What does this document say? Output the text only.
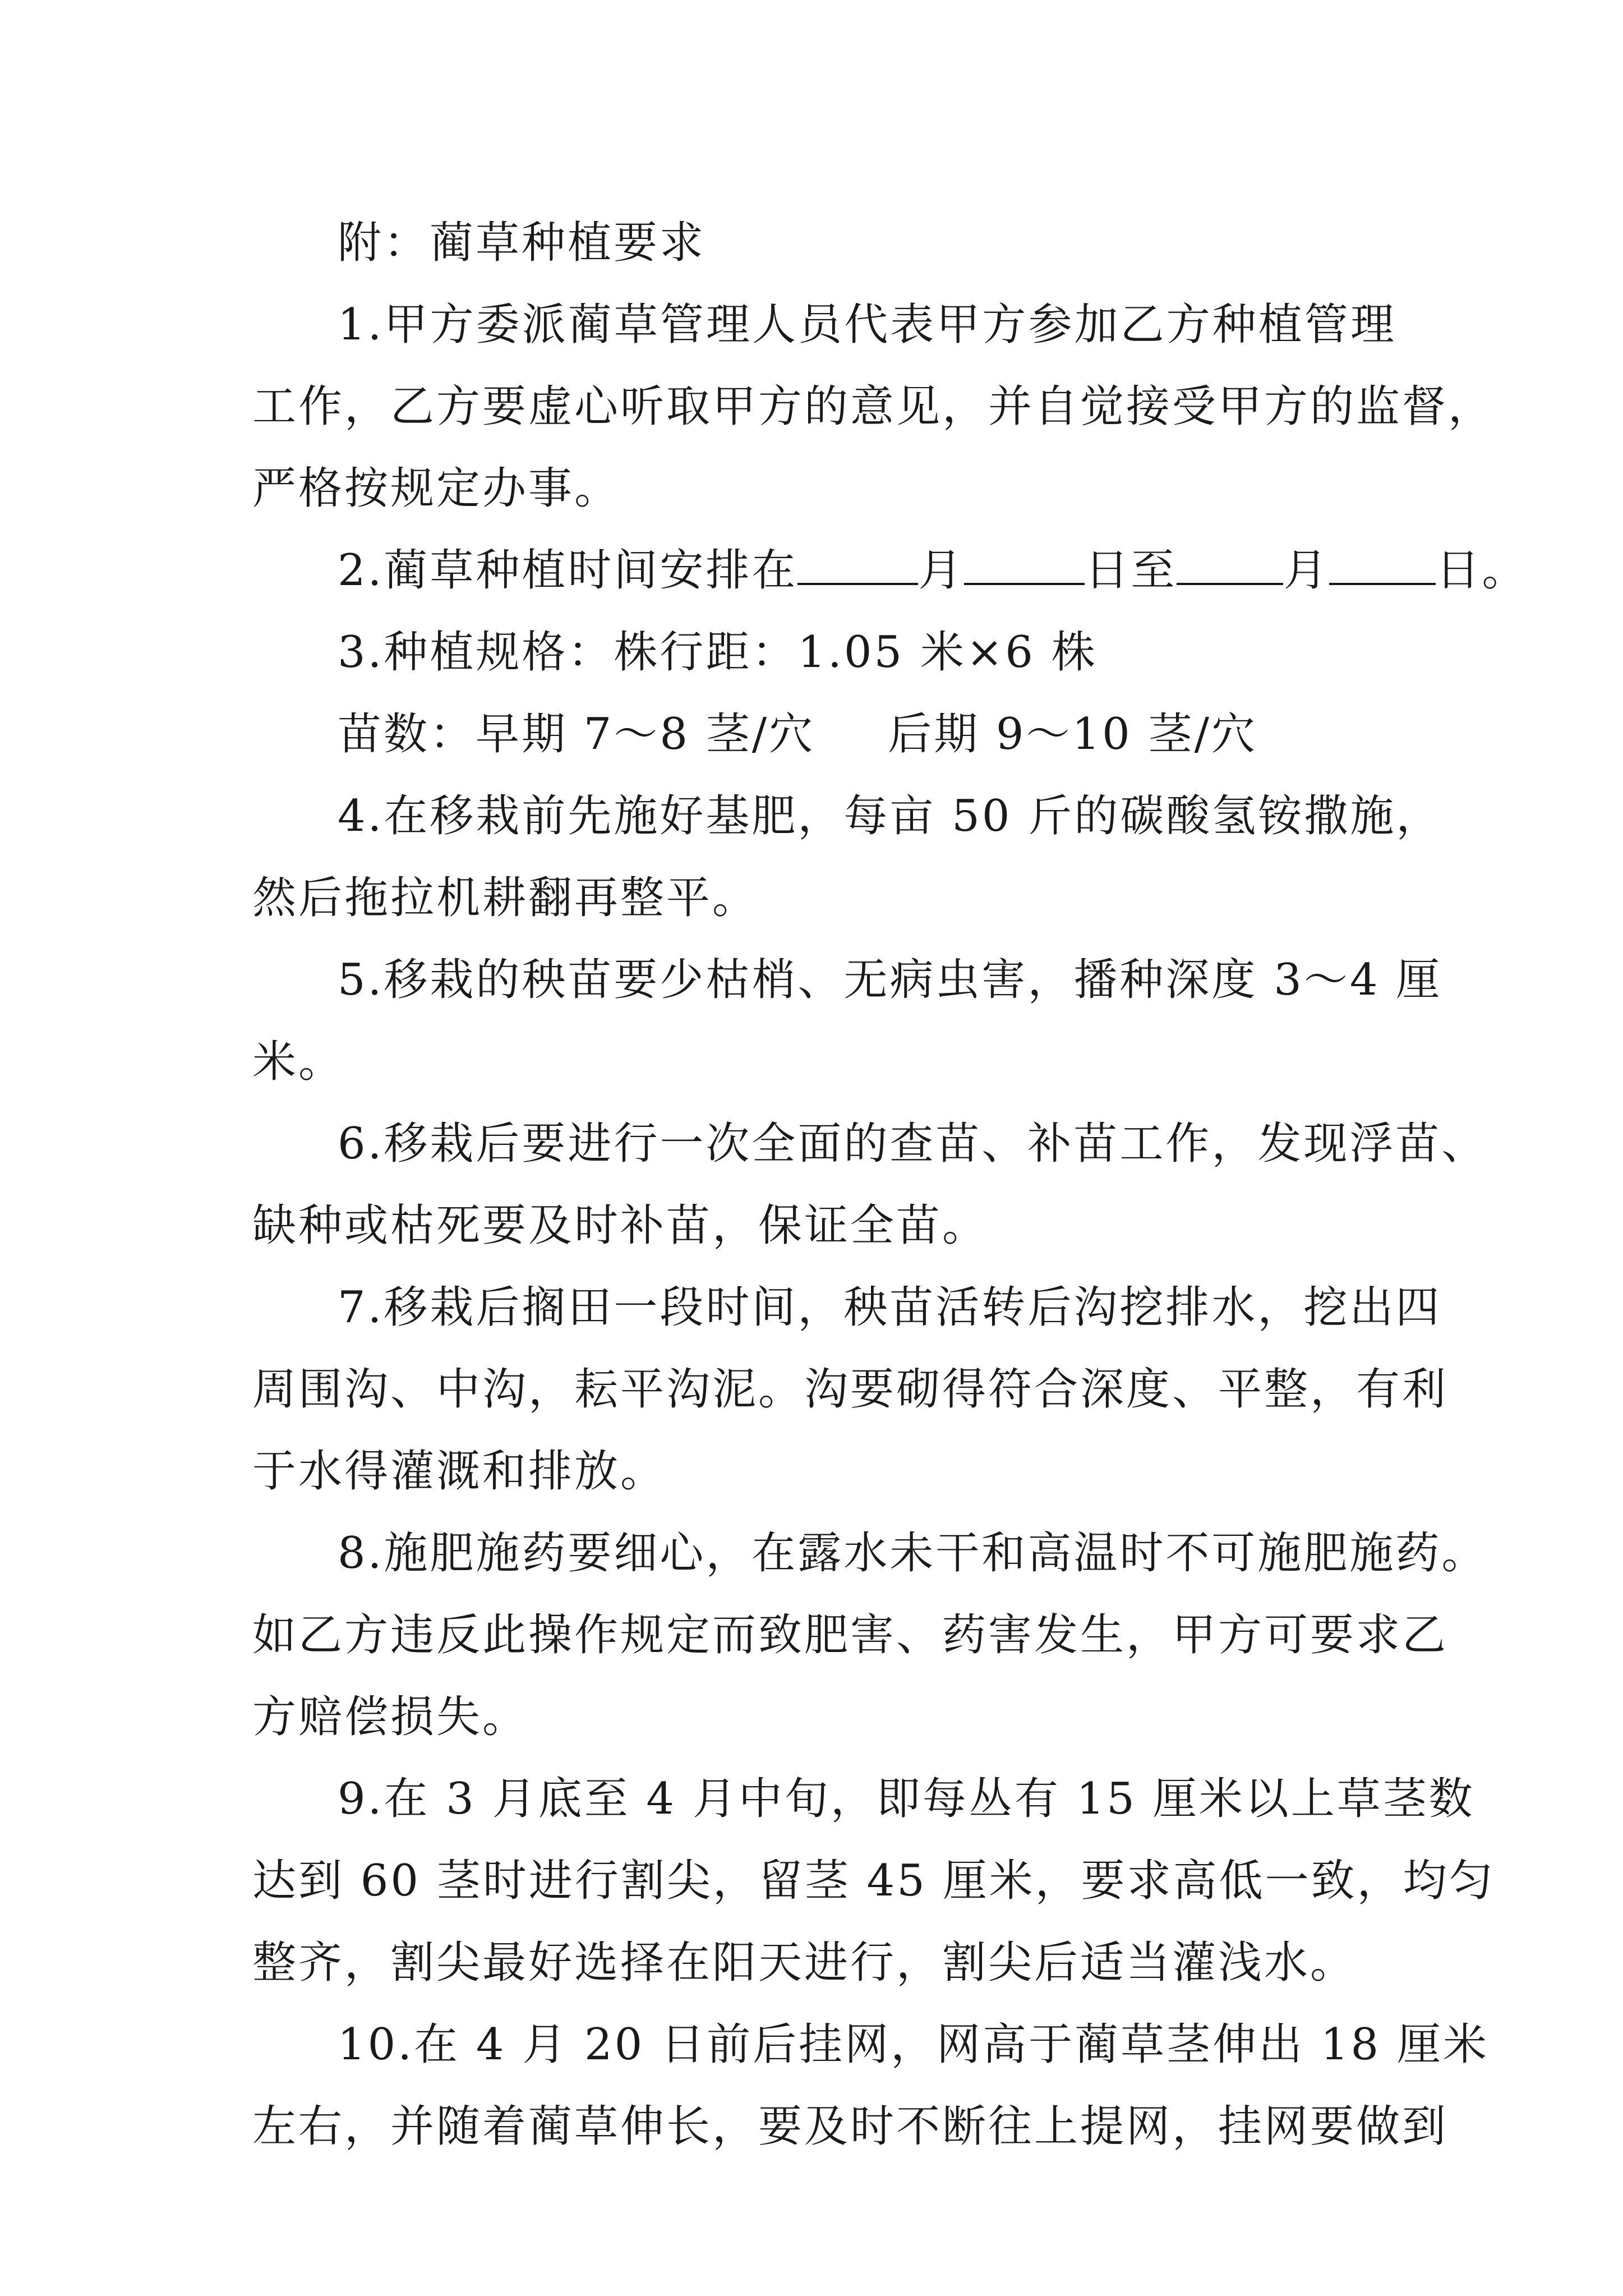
附：蔺草种植要求
1.甲方委派蔺草管理人员代表甲方参加乙方种植管理
工作，乙方要虚心听取甲方的意见，并自觉接受甲方的监督，
严格按规定办事。
2.蔺草种植时间安排在	月	日至 月 日。
3.种植规格：株行距：1.05 米×6 株
苗数：早期 7～8 茎/穴 后期 9～10 茎/穴
4.在移栽前先施好基肥，每亩 50 斤的碳酸氢铵撒施，
然后拖拉机耕翻再整平。
5.移栽的秧苗要少枯梢、无病虫害，播种深度 3～4 厘
米。
6.移栽后要进行一次全面的查苗、补苗工作，发现浮苗、
缺种或枯死要及时补苗，保证全苗。
7.移栽后搁田一段时间，秧苗活转后沟挖排水，挖出四
周围沟、中沟，耘平沟泥。沟要砌得符合深度、平整，有利
于水得灌溉和排放。
8.施肥施药要细心，在露水未干和高温时不可施肥施药。
如乙方违反此操作规定而致肥害、药害发生，甲方可要求乙
方赔偿损失。
9.在 3 月底至 4 月中旬，即每丛有 15 厘米以上草茎数
达到 60 茎时进行割尖，留茎 45 厘米，要求高低一致，均匀
整齐，割尖最好选择在阳天进行，割尖后适当灌浅水。
10.在 4 月 20 日前后挂网，网高于蔺草茎伸出 18 厘米
左右，并随着蔺草伸长，要及时不断往上提网，挂网要做到
